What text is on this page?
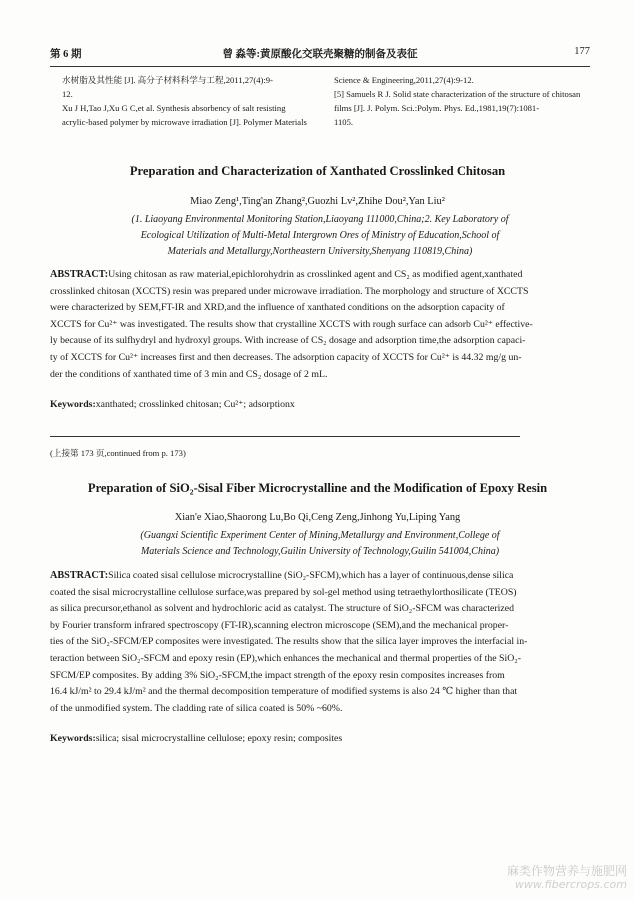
第 6 期	曾 淼等:黄原酸化交联壳聚糖的制备及表征	177
水树脂及其性能 [J]. 高分子材料科学与工程,2011,27(4):9-
12.
Xu J H,Tao J,Xu G C,et al. Synthesis absorbency of salt resisting
acrylic-based polymer by microwave irradiation [J]. Polymer Materials
Science & Engineering,2011,27(4):9-12.
[5] Samuels R J. Solid state characterization of the structure of chitosan
films [J]. J. Polym. Sci.:Polym. Phys. Ed.,1981,19(7):1081-
1105.
Preparation and Characterization of Xanthated Crosslinked Chitosan
Miao Zeng¹,Ting'an Zhang²,Guozhi Lv²,Zhihe Dou²,Yan Liu²
(1. Liaoyang Environmental Monitoring Station,Liaoyang 111000,China;2. Key Laboratory of
Ecological Utilization of Multi-Metal Intergrown Ores of Ministry of Education,School of
Materials and Metallurgy,Northeastern University,Shenyang 110819,China)
ABSTRACT:Using chitosan as raw material,epichlorohydrin as crosslinked agent and CS₂ as modified agent,xanthated
crosslinked chitosan (XCCTS) resin was prepared under microwave irradiation. The morphology and structure of XCCTS
were characterized by SEM,FT-IR and XRD,and the influence of xanthated conditions on the adsorption capacity of
XCCTS for Cu²⁺ was investigated. The results show that crystalline XCCTS with rough surface can adsorb Cu²⁺ effective-
ly because of its sulfhydryl and hydroxyl groups. With increase of CS₂ dosage and adsorption time,the adsorption capaci-
ty of XCCTS for Cu²⁺ increases first and then decreases. The adsorption capacity of XCCTS for Cu²⁺ is 44.32 mg/g un-
der the conditions of xanthated time of 3 min and CS₂ dosage of 2 mL.
Keywords:xanthated; crosslinked chitosan; Cu²⁺; adsorptionx
(上接第 173 页,continued from p. 173)
Preparation of SiO₂-Sisal Fiber Microcrystalline and the Modification of Epoxy Resin
Xian'e Xiao,Shaorong Lu,Bo Qi,Ceng Zeng,Jinhong Yu,Liping Yang
(Guangxi Scientific Experiment Center of Mining,Metallurgy and Environment,College of
Materials Science and Technology,Guilin University of Technology,Guilin 541004,China)
ABSTRACT:Silica coated sisal cellulose microcrystalline (SiO₂-SFCM),which has a layer of continuous,dense silica
coated the sisal microcrystalline cellulose surface,was prepared by sol-gel method using tetraethylorthosilicate (TEOS)
as silica precursor,ethanol as solvent and hydrochloric acid as catalyst. The structure of SiO₂-SFCM was characterized
by Fourier transform infrared spectroscopy (FT-IR),scanning electron microscope (SEM),and the mechanical proper-
ties of the SiO₂-SFCM/EP composites were investigated. The results show that the silica layer improves the interfacial in-
teraction between SiO₂-SFCM and epoxy resin (EP),which enhances the mechanical and thermal properties of the SiO₂-
SFCM/EP composites. By adding 3% SiO₂-SFCM,the impact strength of the epoxy resin composites increases from
16.4 kJ/m² to 29.4 kJ/m² and the thermal decomposition temperature of modified systems is also 24 ℃ higher than that
of the unmodified system. The cladding rate of silica coated is 50% ~60%.
Keywords:silica; sisal microcrystalline cellulose; epoxy resin; composites
麻类作物营养与施肥网
www.fibercrops.com
